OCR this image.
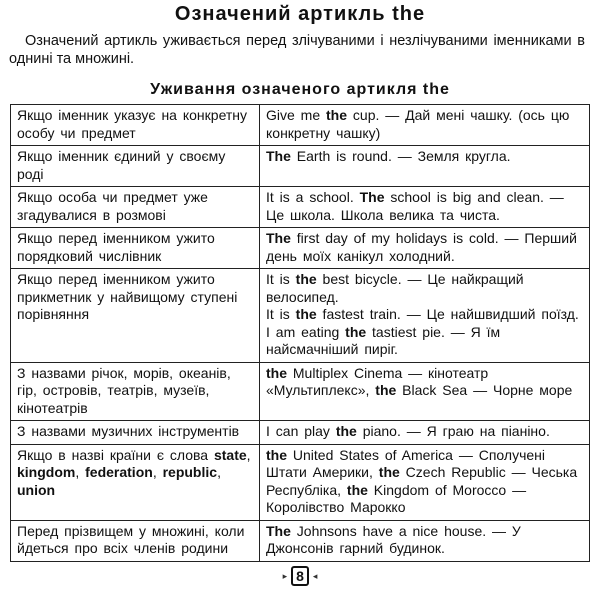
Означений артикль the

Означений артикль уживається перед злічуваними і незлічуваними іменниками в однині та множині.

Уживання означеного артикля the
Якщо іменник указує на конкретну особу чи предмет	Give me the cup. — Дай мені чашку. (ось цю конкретну чашку)
Якщо іменник єдиний у своєму роді	The Earth is round. — Земля кругла.
Якщо особа чи предмет уже згадувалися в розмові	It is a school. The school is big and clean. — Це школа. Школа велика та чиста.
Якщо перед іменником ужито порядковий числівник	The first day of my holidays is cold. — Перший день моїх канікул холодний.
Якщо перед іменником ужито прикметник у найвищому ступені порівняння	It is the best bicycle. — Це найкращий велосипед.
It is the fastest train. — Це найшвидший поїзд.
I am eating the tastiest pie. — Я їм найсмачніший пиріг.
З назвами річок, морів, океанів, гір, островів, театрів, музеїв, кінотеатрів	the Multiplex Cinema — кінотеатр «Мультиплекс», the Black Sea — Чорне море
З назвами музичних інструментів	I can play the piano. — Я граю на піаніно.
Якщо в назві країни є слова state, kingdom, federation, republic, union	the United States of America — Сполучені Штати Америки, the Czech Republic — Чеська Республіка, the Kingdom of Morocco — Королівство Марокко
Перед прізвищем у множині, коли йдеться про всіх членів родини	The Johnsons have a nice house. — У Джонсонів гарний будинок.
▸ 8	◂
